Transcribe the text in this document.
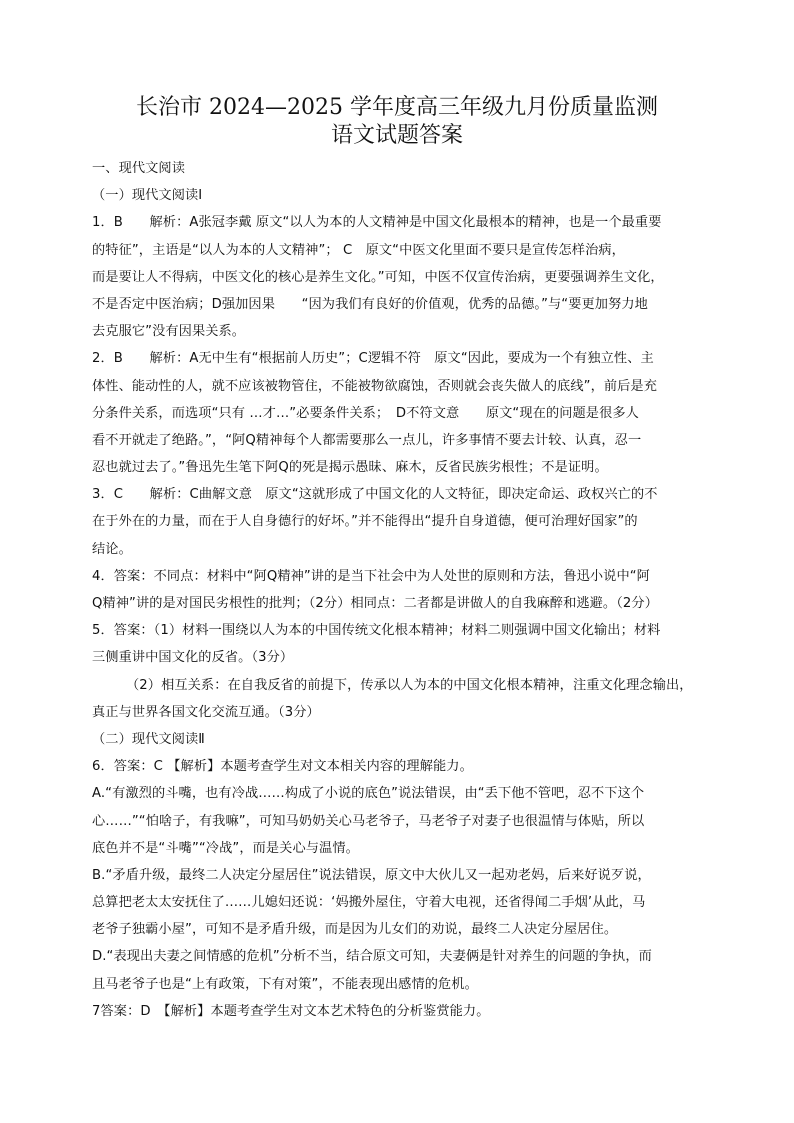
长治市 2024—2025 学年度高三年级九月份质量监测
语文试题答案
一、现代文阅读
（一）现代文阅读Ⅰ
1．B　　解析：A张冠李戴 原文“以人为本的人文精神是中国文化最根本的精神，也是一个最重要
的特征”，主语是“以人为本的人文精神”； C　原文“中医文化里面不要只是宣传怎样治病，
而是要让人不得病，中医文化的核心是养生文化。”可知，中医不仅宣传治病，更要强调养生文化，
不是否定中医治病；D强加因果　　“因为我们有良好的价值观，优秀的品德。”与“要更加努力地
去克服它”没有因果关系。
2．B　　解析：A无中生有“根据前人历史”；C逻辑不符　原文“因此，要成为一个有独立性、主
体性、能动性的人，就不应该被物管住，不能被物欲腐蚀，否则就会丧失做人的底线”，前后是充
分条件关系，而选项“只有 …才…”必要条件关系；　D不符文意　　原文“现在的问题是很多人
看不开就走了绝路。”，“阿Q精神每个人都需要那么一点儿，许多事情不要去计较、认真，忍一
忍也就过去了。”鲁迅先生笔下阿Q的死是揭示愚昧、麻木，反省民族劣根性；不是证明。
3．C　　解析：C曲解文意　原文“这就形成了中国文化的人文特征，即决定命运、政权兴亡的不
在于外在的力量，而在于人自身德行的好坏。”并不能得出“提升自身道德，便可治理好国家”的
结论。
4．答案：不同点：材料中“阿Q精神”讲的是当下社会中为人处世的原则和方法，鲁迅小说中“阿
Q精神”讲的是对国民劣根性的批判；（2分）相同点：二者都是讲做人的自我麻醉和逃避。（2分）
5．答案：（1）材料一围绕以人为本的中国传统文化根本精神；材料二则强调中国文化输出；材料
三侧重讲中国文化的反省。（3分）
（2）相互关系：在自我反省的前提下，传承以人为本的中国文化根本精神，注重文化理念输出，
真正与世界各国文化交流互通。（3分）
（二）现代文阅读Ⅱ
6．答案：C 【解析】本题考查学生对文本相关内容的理解能力。
A.“有激烈的斗嘴，也有冷战……构成了小说的底色”说法错误，由“丢下他不管吧，忍不下这个
心……”“怕啥子，有我嘛”，可知马奶奶关心马老爷子，马老爷子对妻子也很温情与体贴，所以
底色并不是“斗嘴”“冷战”，而是关心与温情。
B.“矛盾升级，最终二人决定分屋居住”说法错误，原文中大伙儿又一起劝老妈，后来好说歹说，
总算把老太太安抚住了……儿媳妇还说：‘妈搬外屋住，守着大电视，还省得闻二手烟’从此，马
老爷子独霸小屋”，可知不是矛盾升级，而是因为儿女们的劝说，最终二人决定分屋居住。
D.“表现出夫妻之间情感的危机”分析不当，结合原文可知，夫妻俩是针对养生的问题的争执，而
且马老爷子也是“上有政策，下有对策”，不能表现出感情的危机。
7答案：D　【解析】本题考查学生对文本艺术特色的分析鉴赏能力。
